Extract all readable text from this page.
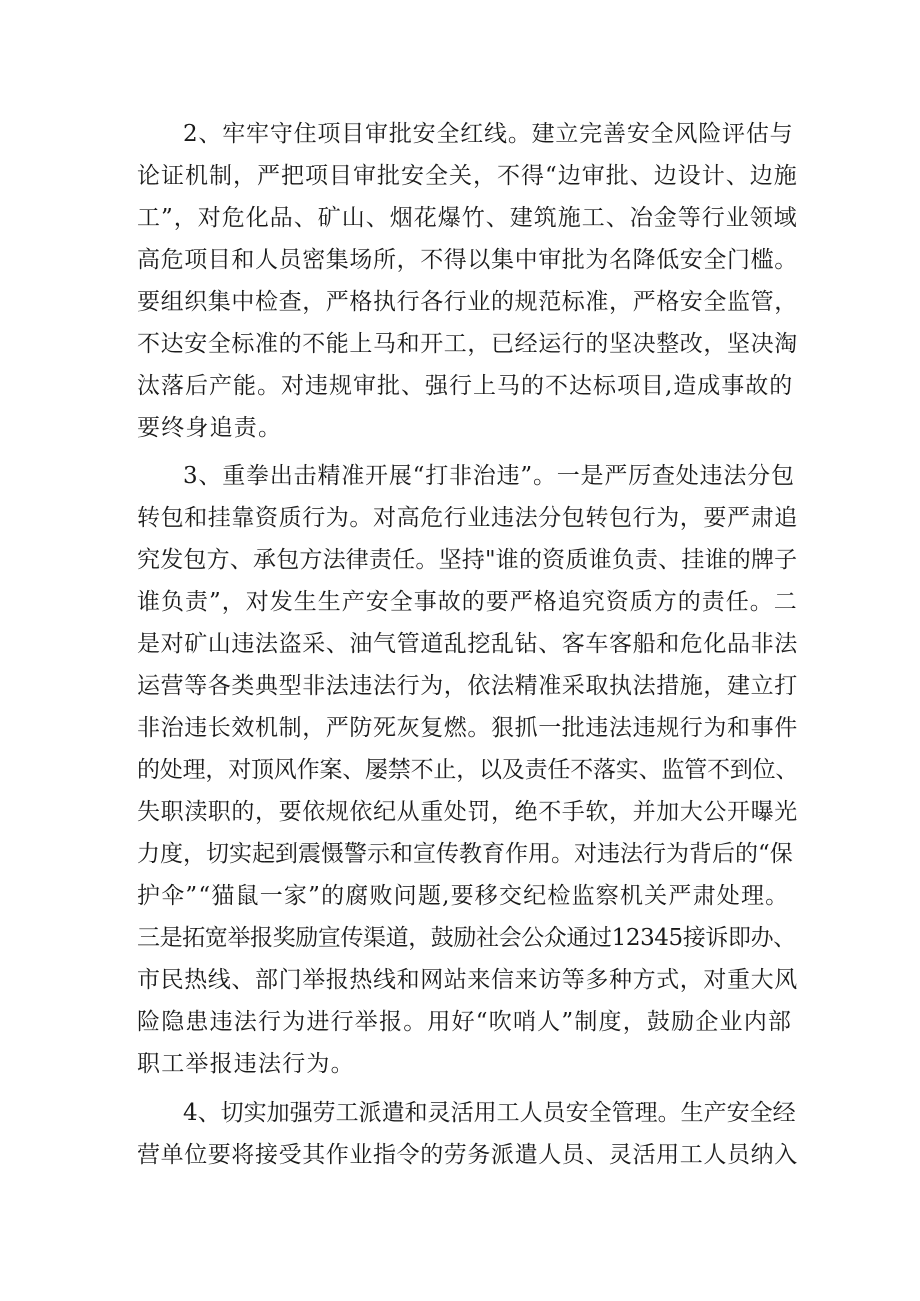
2、牢牢守住项目审批安全红线。建立完善安全风险评估与
论证机制，严把项目审批安全关，不得“边审批、边设计、边施
工”，对危化品、矿山、烟花爆竹、建筑施工、冶金等行业领域
高危项目和人员密集场所，不得以集中审批为名降低安全门槛。
要组织集中检查，严格执行各行业的规范标准，严格安全监管，
不达安全标准的不能上马和开工，已经运行的坚决整改，坚决淘
汰落后产能。对违规审批、强行上马的不达标项目,造成事故的
要终身追责。
3、重拳出击精准开展“打非治违”。一是严厉查处违法分包
转包和挂靠资质行为。对高危行业违法分包转包行为，要严肃追
究发包方、承包方法律责任。坚持"谁的资质谁负责、挂谁的牌子
谁负责”，对发生生产安全事故的要严格追究资质方的责任。二
是对矿山违法盗采、油气管道乱挖乱钻、客车客船和危化品非法
运营等各类典型非法违法行为，依法精准采取执法措施，建立打
非治违长效机制，严防死灰复燃。狠抓一批违法违规行为和事件
的处理，对顶风作案、屡禁不止，以及责任不落实、监管不到位、
失职渎职的，要依规依纪从重处罚，绝不手软，并加大公开曝光
力度，切实起到震慑警示和宣传教育作用。对违法行为背后的“保
护伞”“猫鼠一家”的腐败问题,要移交纪检监察机关严肃处理。
三是拓宽举报奖励宣传渠道，鼓励社会公众通过12345接诉即办、
市民热线、部门举报热线和网站来信来访等多种方式，对重大风
险隐患违法行为进行举报。用好“吹哨人”制度，鼓励企业内部
职工举报违法行为。
4、切实加强劳工派遣和灵活用工人员安全管理。生产安全经
营单位要将接受其作业指令的劳务派遣人员、灵活用工人员纳入
